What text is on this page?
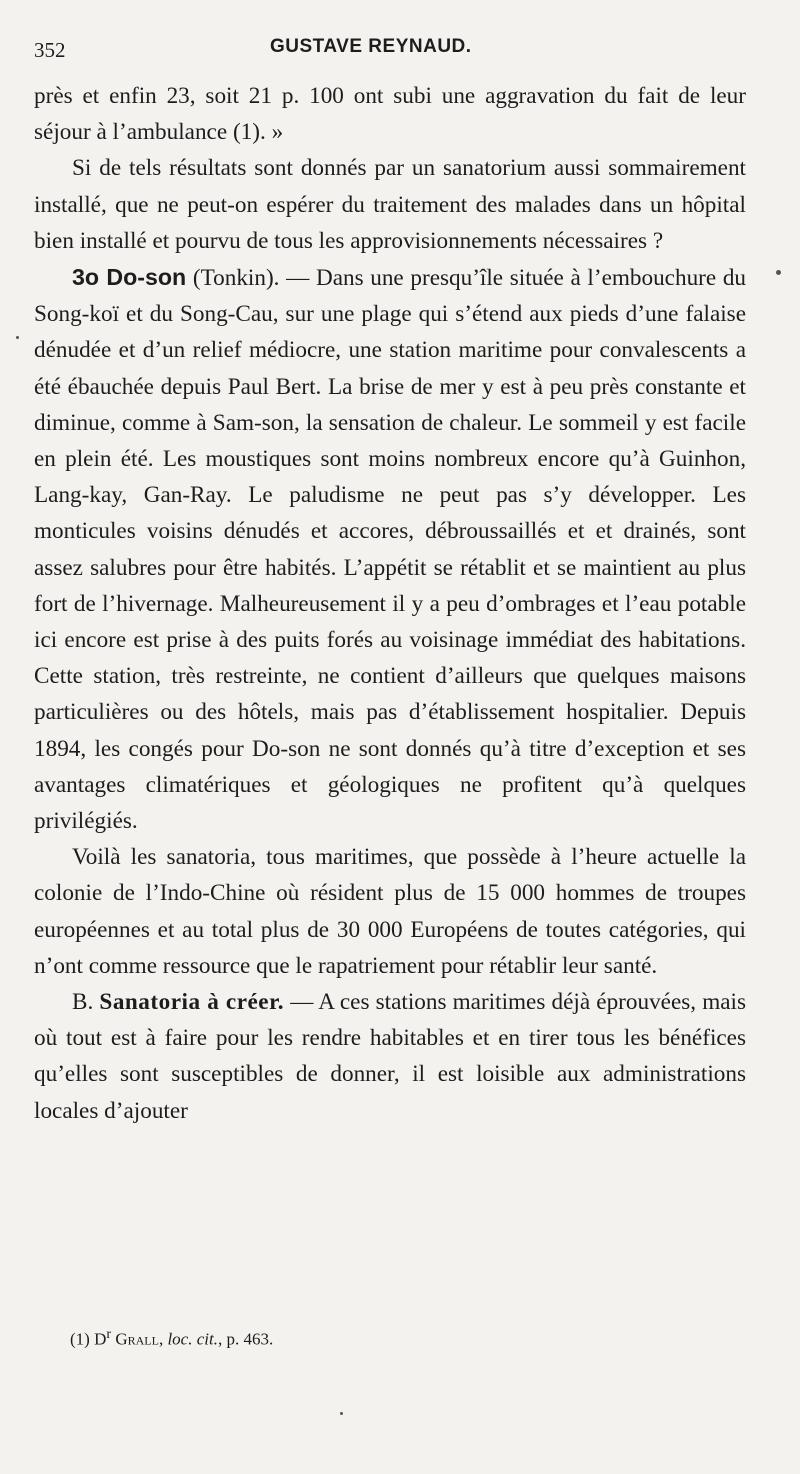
352	GUSTAVE REYNAUD.

près et enfin 23, soit 21 p. 100 ont subi une aggravation du fait de leur séjour à l’ambulance (1). »

Si de tels résultats sont donnés par un sanatorium aussi sommairement installé, que ne peut-on espérer du traitement des malades dans un hôpital bien installé et pourvu de tous les approvisionnements nécessaires ?

3o Do-son (Tonkin). — Dans une presqu’île située à l’embouchure du Song-koï et du Song-Cau, sur une plage qui s’étend aux pieds d’une falaise dénudée et d’un relief médiocre, une station maritime pour convalescents a été ébauchée depuis Paul Bert. La brise de mer y est à peu près constante et diminue, comme à Sam-son, la sensation de chaleur. Le sommeil y est facile en plein été. Les moustiques sont moins nombreux encore qu’à Guinhon, Lang-kay, Gan-Ray. Le paludisme ne peut pas s’y développer. Les monticules voisins dénudés et accores, débroussaillés et et drainés, sont assez salubres pour être habités. L’appétit se rétablit et se maintient au plus fort de l’hivernage. Malheureusement il y a peu d’ombrages et l’eau potable ici encore est prise à des puits forés au voisinage immédiat des habitations. Cette station, très restreinte, ne contient d’ailleurs que quelques maisons particulières ou des hôtels, mais pas d’établissement hospitalier. Depuis 1894, les congés pour Do-son ne sont donnés qu’à titre d’exception et ses avantages climatériques et géologiques ne profitent qu’à quelques privilégiés.

Voilà les sanatoria, tous maritimes, que possède à l’heure actuelle la colonie de l’Indo-Chine où résident plus de 15 000 hommes de troupes européennes et au total plus de 30 000 Européens de toutes catégories, qui n’ont comme ressource que le rapatriement pour rétablir leur santé.

B. Sanatoria à créer. — A ces stations maritimes déjà éprouvées, mais où tout est à faire pour les rendre habitables et en tirer tous les bénéfices qu’elles sont susceptibles de donner, il est loisible aux administrations locales d’ajouter

(1) $D^r$ Grall, loc. cit., p. 463.
